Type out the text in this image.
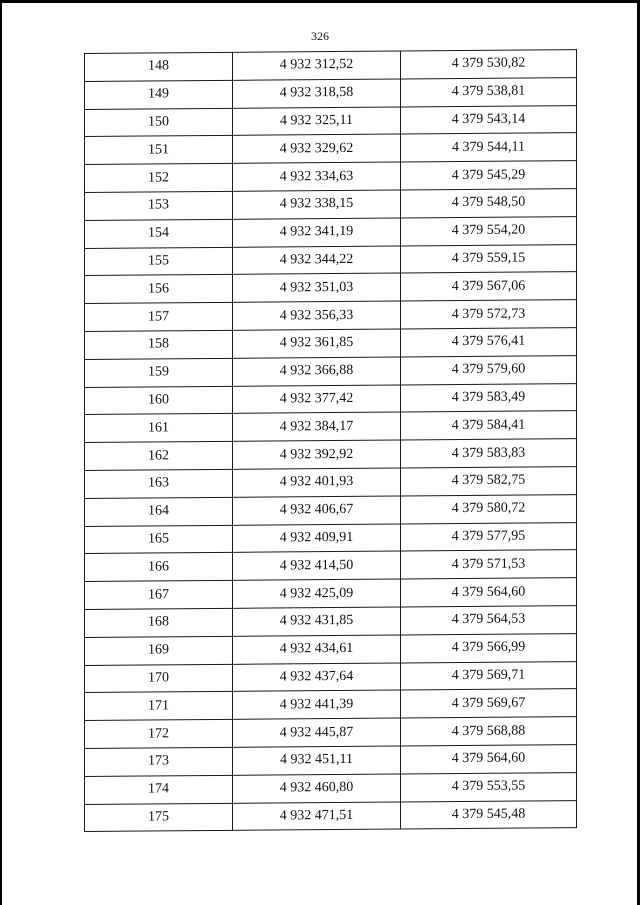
326
148	4 932 312,52	4 379 530,82
149	4 932 318,58	4 379 538,81
150	4 932 325,11	4 379 543,14
151	4 932 329,62	4 379 544,11
152	4 932 334,63	4 379 545,29
153	4 932 338,15	4 379 548,50
154	4 932 341,19	4 379 554,20
155	4 932 344,22	4 379 559,15
156	4 932 351,03	4 379 567,06
157	4 932 356,33	4 379 572,73
158	4 932 361,85	4 379 576,41
159	4 932 366,88	4 379 579,60
160	4 932 377,42	4 379 583,49
161	4 932 384,17	4 379 584,41
162	4 932 392,92	4 379 583,83
163	4 932 401,93	4 379 582,75
164	4 932 406,67	4 379 580,72
165	4 932 409,91	4 379 577,95
166	4 932 414,50	4 379 571,53
167	4 932 425,09	4 379 564,60
168	4 932 431,85	4 379 564,53
169	4 932 434,61	4 379 566,99
170	4 932 437,64	4 379 569,71
171	4 932 441,39	4 379 569,67
172	4 932 445,87	4 379 568,88
173	4 932 451,11	4 379 564,60
174	4 932 460,80	4 379 553,55
175	4 932 471,51	4 379 545,48
